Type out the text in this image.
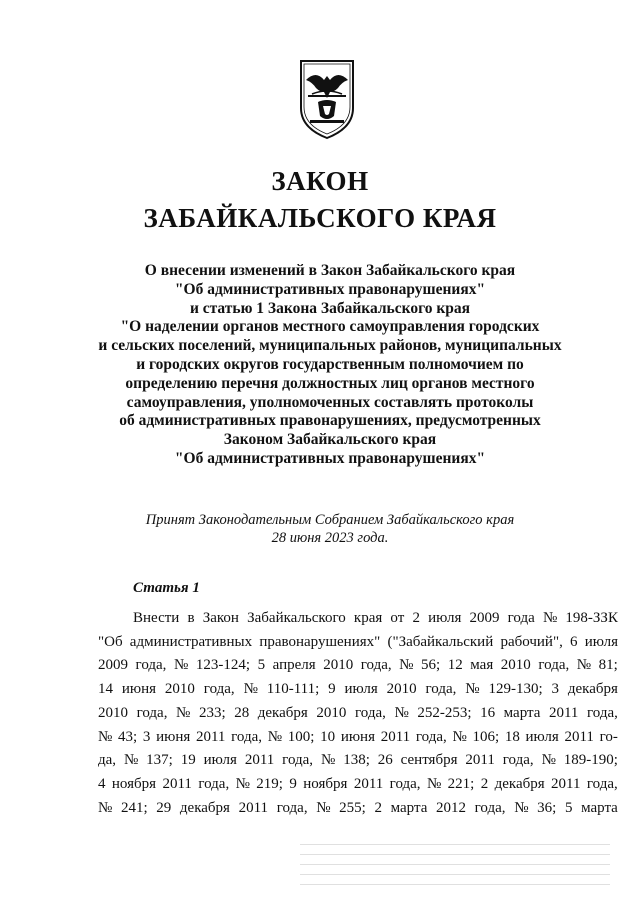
ЗАКОН
ЗАБАЙКАЛЬСКОГО КРАЯ
О внесении изменений в Закон Забайкальского края
"Об административных правонарушениях"
и статью 1 Закона Забайкальского края
"О наделении органов местного самоуправления городских
и сельских поселений, муниципальных районов, муниципальных
и городских округов государственным полномочием по
определению перечня должностных лиц органов местного
самоуправления, уполномоченных составлять протоколы
об административных правонарушениях, предусмотренных
Законом Забайкальского края
"Об административных правонарушениях"
Принят Законодательным Собранием Забайкальского края
28 июня 2023 года.
Статья 1
Внести в Закон Забайкальского края от 2 июля 2009 года № 198-ЗЗК
"Об административных правонарушениях" ("Забайкальский рабочий", 6 июля
2009 года, № 123-124; 5 апреля 2010 года, № 56; 12 мая 2010 года, № 81;
14 июня 2010 года, № 110-111; 9 июля 2010 года, № 129-130; 3 декабря
2010 года, № 233; 28 декабря 2010 года, № 252-253; 16 марта 2011 года,
№ 43; 3 июня 2011 года, № 100; 10 июня 2011 года, № 106; 18 июля 2011 го-
да, № 137; 19 июля 2011 года, № 138; 26 сентября 2011 года, № 189-190;
4 ноября 2011 года, № 219; 9 ноября 2011 года, № 221; 2 декабря 2011 года,
№ 241; 29 декабря 2011 года, № 255; 2 марта 2012 года, № 36; 5 марта
